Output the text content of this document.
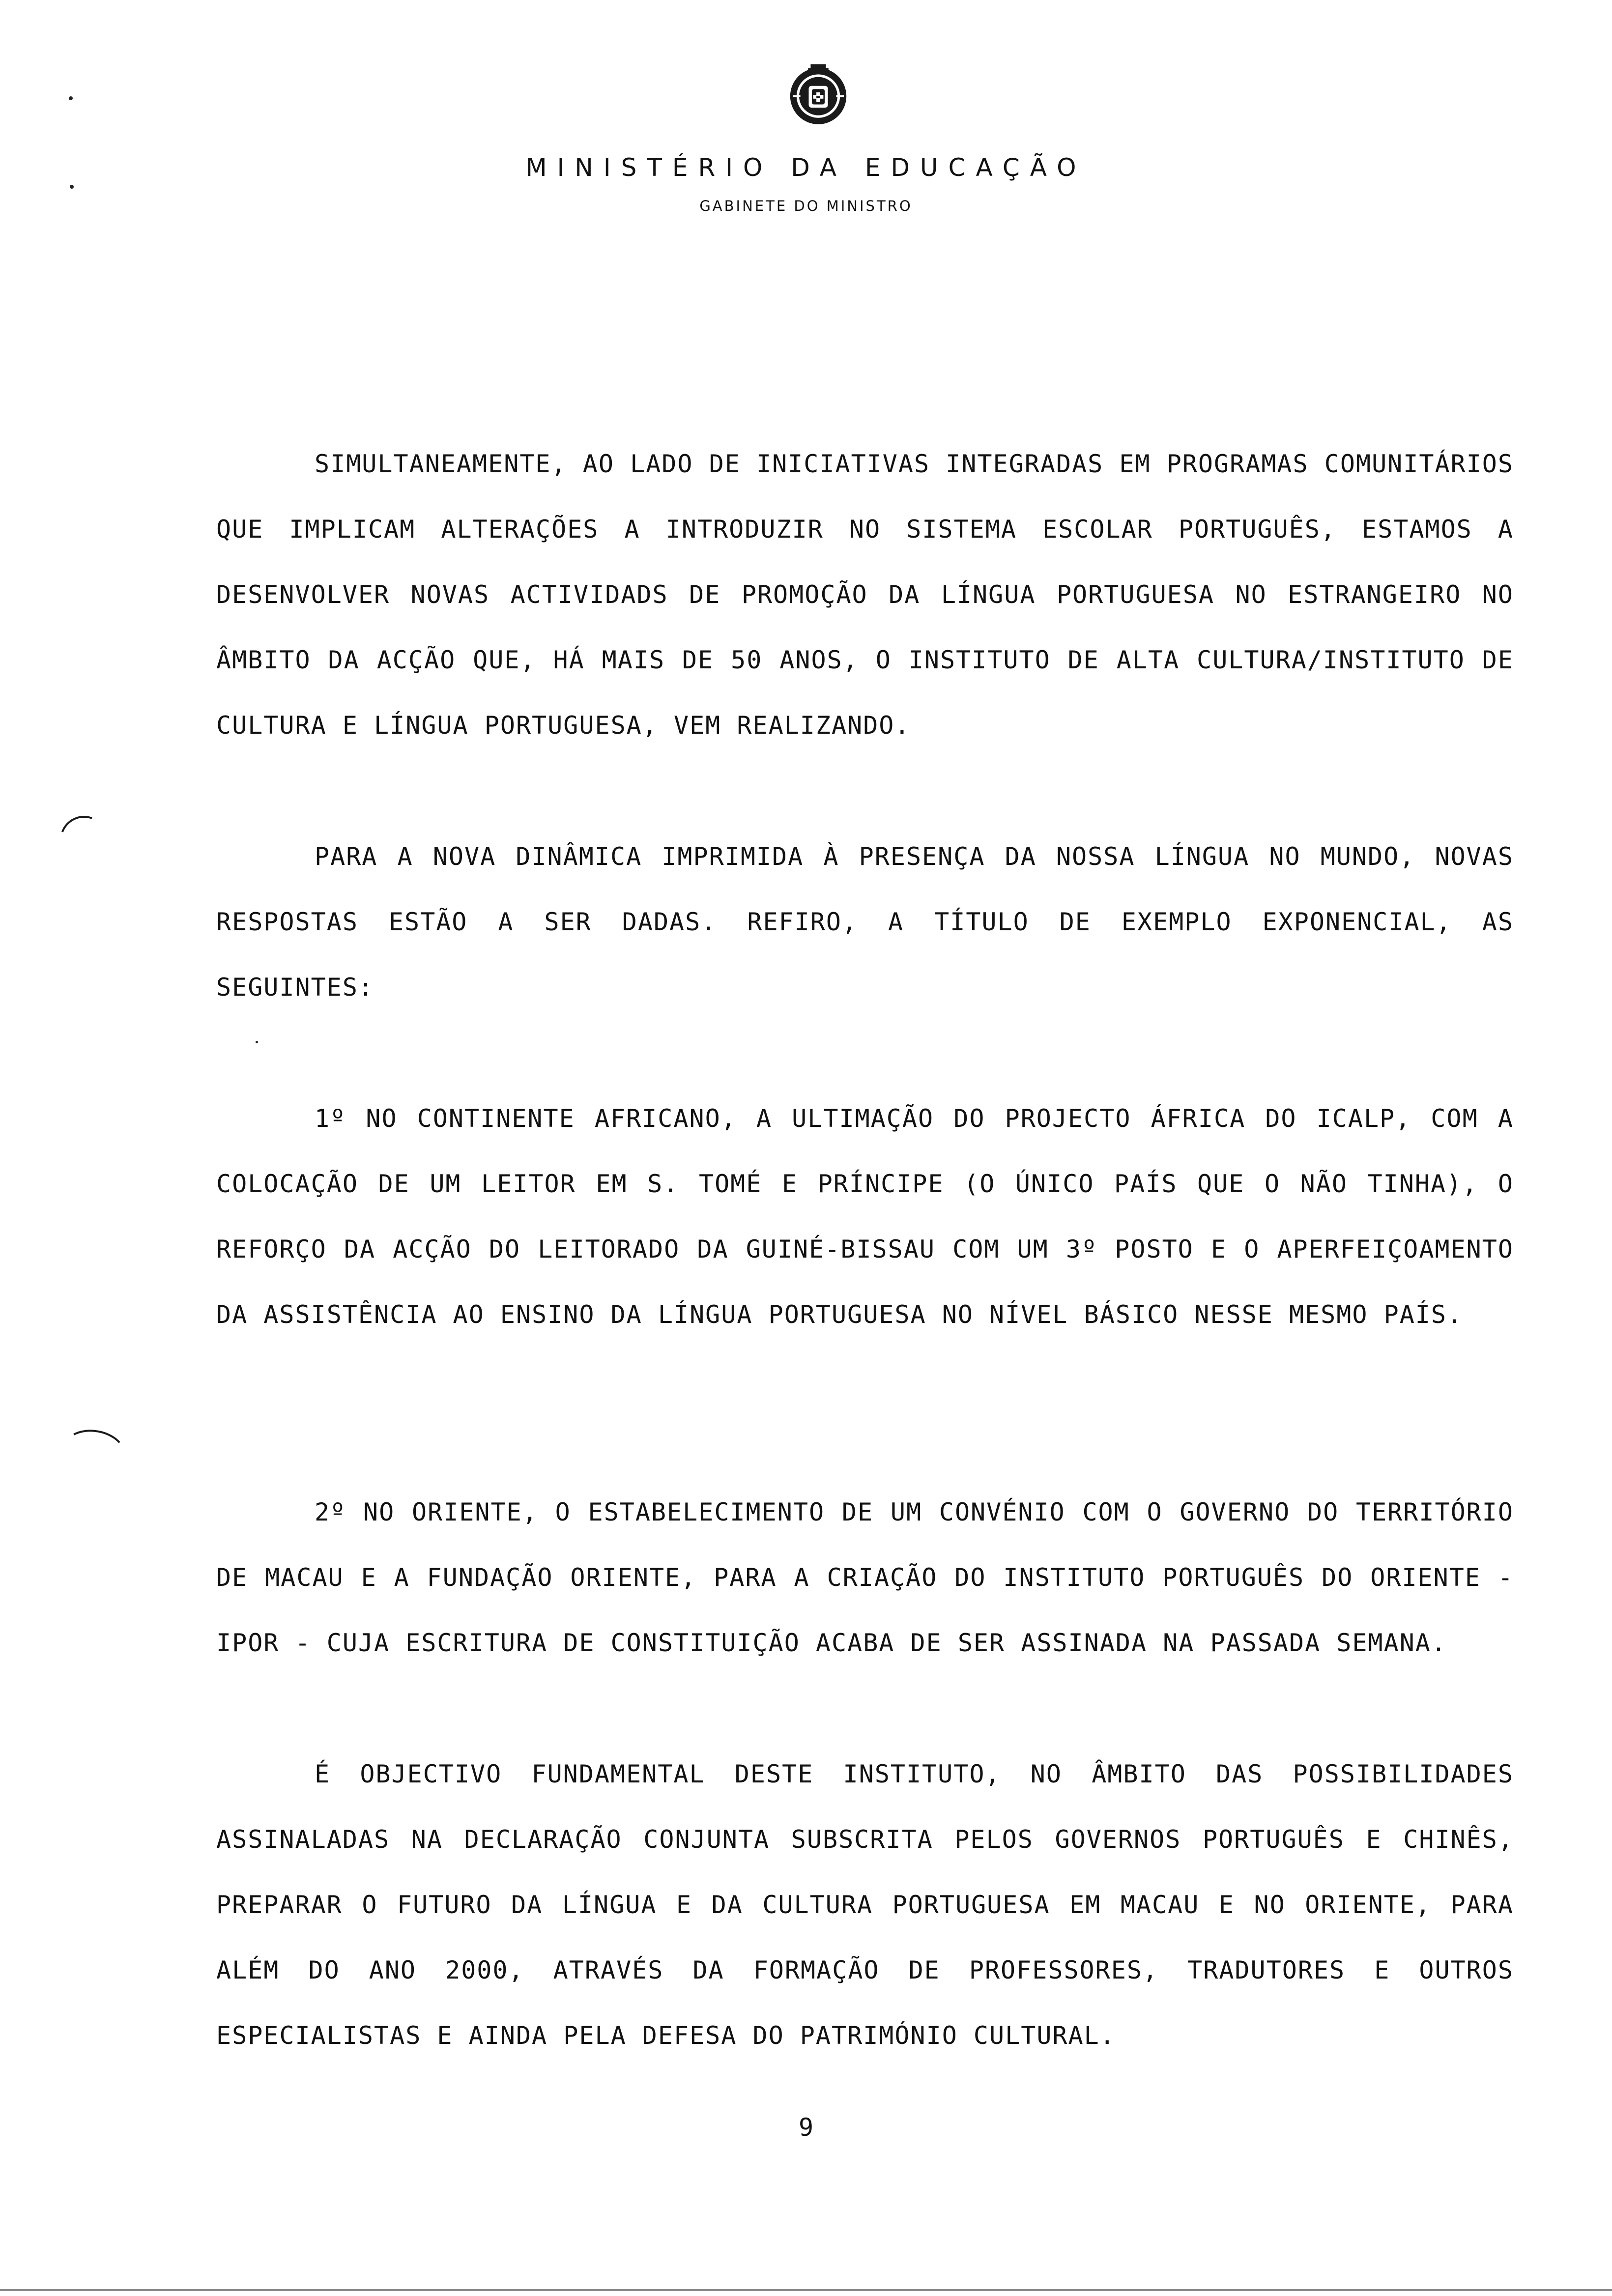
MINISTÉRIO DA EDUCAÇÃO
GABINETE DO MINISTRO

SIMULTANEAMENTE, AO LADO DE INICIATIVAS INTEGRADAS EM PROGRAMAS COMUNITÁRIOS QUE IMPLICAM ALTERAÇÕES A INTRODUZIR NO SISTEMA ESCOLAR PORTUGUÊS, ESTAMOS A DESENVOLVER NOVAS ACTIVIDADS DE PROMOÇÃO DA LÍNGUA PORTUGUESA NO ESTRANGEIRO NO ÂMBITO DA ACÇÃO QUE, HÁ MAIS DE 50 ANOS, O INSTITUTO DE ALTA CULTURA/INSTITUTO DE CULTURA E LÍNGUA PORTUGUESA, VEM REALIZANDO.

PARA A NOVA DINÂMICA IMPRIMIDA À PRESENÇA DA NOSSA LÍNGUA NO MUNDO, NOVAS RESPOSTAS ESTÃO A SER DADAS. REFIRO, A TÍTULO DE EXEMPLO EXPONENCIAL, AS SEGUINTES:

1º NO CONTINENTE AFRICANO, A ULTIMAÇÃO DO PROJECTO ÁFRICA DO ICALP, COM A COLOCAÇÃO DE UM LEITOR EM S. TOMÉ E PRÍNCIPE (O ÚNICO PAÍS QUE O NÃO TINHA), O REFORÇO DA ACÇÃO DO LEITORADO DA GUINÉ-BISSAU COM UM 3º POSTO E O APERFEIÇOAMENTO DA ASSISTÊNCIA AO ENSINO DA LÍNGUA PORTUGUESA NO NÍVEL BÁSICO NESSE MESMO PAÍS.

2º NO ORIENTE, O ESTABELECIMENTO DE UM CONVÉNIO COM O GOVERNO DO TERRITÓRIO DE MACAU E A FUNDAÇÃO ORIENTE, PARA A CRIAÇÃO DO INSTITUTO PORTUGUÊS DO ORIENTE - IPOR - CUJA ESCRITURA DE CONSTITUIÇÃO ACABA DE SER ASSINADA NA PASSADA SEMANA.

É OBJECTIVO FUNDAMENTAL DESTE INSTITUTO, NO ÂMBITO DAS POSSIBILIDADES ASSINALADAS NA DECLARAÇÃO CONJUNTA SUBSCRITA PELOS GOVERNOS PORTUGUÊS E CHINÊS, PREPARAR O FUTURO DA LÍNGUA E DA CULTURA PORTUGUESA EM MACAU E NO ORIENTE, PARA ALÉM DO ANO 2000, ATRAVÉS DA FORMAÇÃO DE PROFESSORES, TRADUTORES E OUTROS ESPECIALISTAS E AINDA PELA DEFESA DO PATRIMÓNIO CULTURAL.

9
